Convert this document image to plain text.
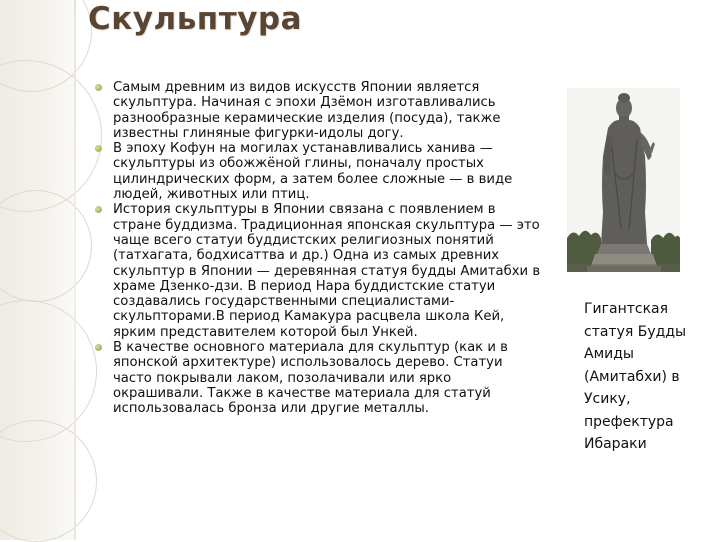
Скульптура
Самым древним из видов искусств Японии является скульптура. Начиная с эпохи Дзёмон изготавливались разнообразные керамические изделия (посуда), также известны глиняные фигурки-идолы догу.
В эпоху Кофун на могилах устанавливались ханива — скульптуры из обожжёной глины, поначалу простых цилиндрических форм, а затем более сложные — в виде людей, животных или птиц.
История скульптуры в Японии связана с появлением в стране буддизма. Традиционная японская скульптура — это чаще всего статуи буддистских религиозных понятий (татхагата, бодхисаттва и др.) Одна из самых древних скульптур в Японии — деревянная статуя будды Амитабхи в храме Дзенко-дзи. В период Нара буддистские статуи создавались государственными специалистами-скульпторами.В период Камакура расцвела школа Кей, ярким представителем которой был Ункей.
В качестве основного материала для скульптур (как и в японской архитектуре) использовалось дерево. Статуи часто покрывали лаком, позолачивали или ярко окрашивали. Также в качестве материала для статуй использовалась бронза или другие металлы.

Гигантская статуя Будды Амиды (Амитабхи) в Усику, префектура Ибараки
